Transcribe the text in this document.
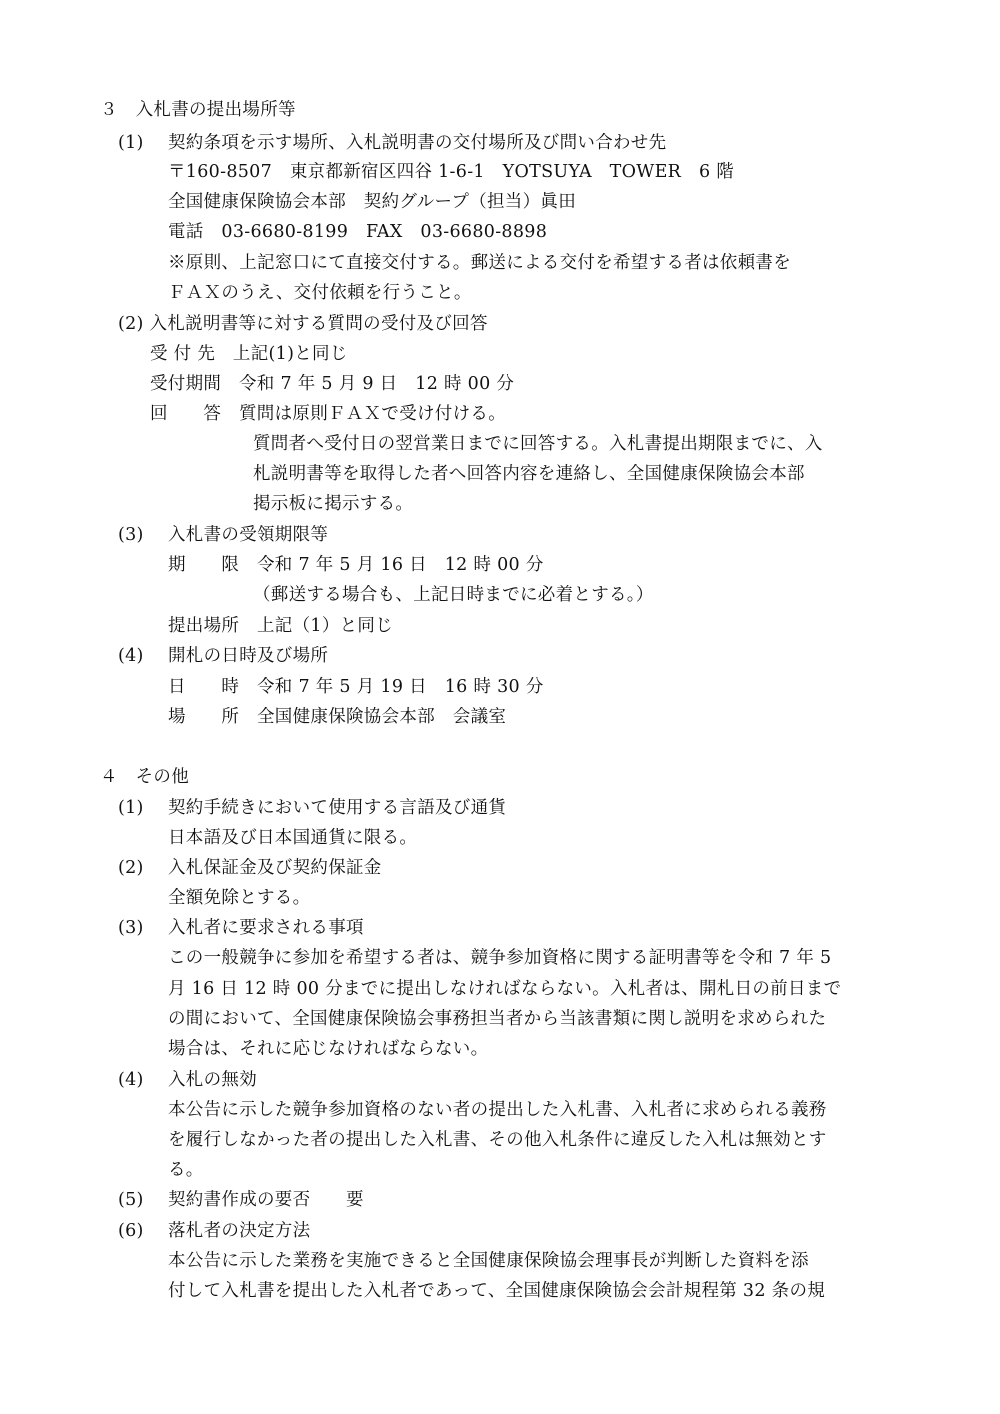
３　入札書の提出場所等
(1) 契約条項を示す場所、入札説明書の交付場所及び問い合わせ先
〒160-8507　東京都新宿区四谷 1-6-1　YOTSUYA　TOWER　6 階
全国健康保険協会本部　契約グループ（担当）眞田
電話　03-6680-8199　FAX　03-6680-8898
※原則、上記窓口にて直接交付する。郵送による交付を希望する者は依頼書を
ＦＡＸのうえ、交付依頼を行うこと。
(2) 入札説明書等に対する質問の受付及び回答
受 付 先　上記(1)と同じ
受付期間　令和 7 年 5 月 9 日　12 時 00 分
回　　答　質問は原則ＦＡＸで受け付ける。
質問者へ受付日の翌営業日までに回答する。入札書提出期限までに、入
札説明書等を取得した者へ回答内容を連絡し、全国健康保険協会本部
掲示板に掲示する。
(3) 入札書の受領期限等
期　　限　令和 7 年 5 月 16 日　12 時 00 分
（郵送する場合も、上記日時までに必着とする。）
提出場所　上記（1）と同じ
(4) 開札の日時及び場所
日　　時　令和 7 年 5 月 19 日　16 時 30 分
場　　所　全国健康保険協会本部　会議室
４　その他
(1) 契約手続きにおいて使用する言語及び通貨
日本語及び日本国通貨に限る。
(2) 入札保証金及び契約保証金
全額免除とする。
(3) 入札者に要求される事項
この一般競争に参加を希望する者は、競争参加資格に関する証明書等を令和 7 年 5
月 16 日 12 時 00 分までに提出しなければならない。入札者は、開札日の前日まで
の間において、全国健康保険協会事務担当者から当該書類に関し説明を求められた
場合は、それに応じなければならない。
(4) 入札の無効
本公告に示した競争参加資格のない者の提出した入札書、入札者に求められる義務
を履行しなかった者の提出した入札書、その他入札条件に違反した入札は無効とす
る。
(5) 契約書作成の要否　　要
(6) 落札者の決定方法
本公告に示した業務を実施できると全国健康保険協会理事長が判断した資料を添
付して入札書を提出した入札者であって、全国健康保険協会会計規程第 32 条の規
